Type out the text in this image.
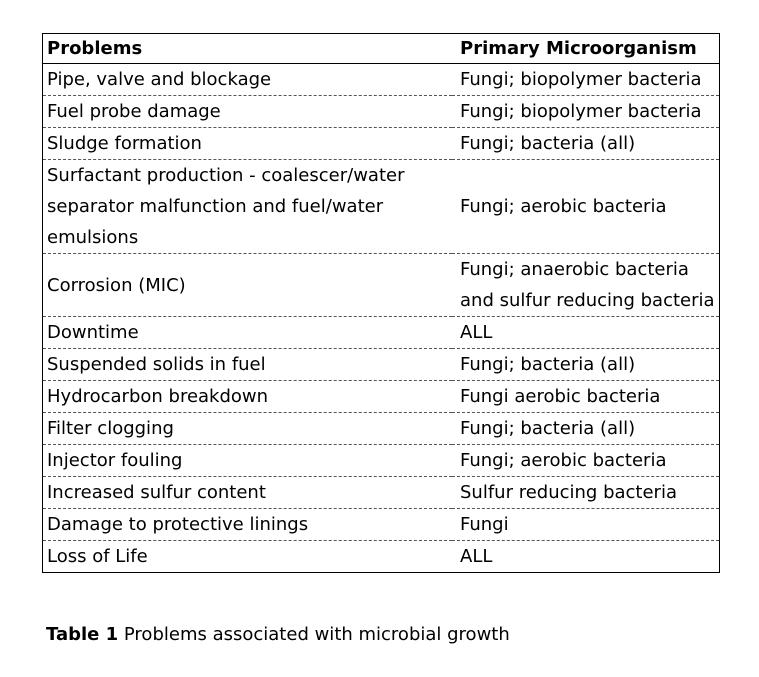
Problems	Primary Microorganism
Pipe, valve and blockage	Fungi; biopolymer bacteria
Fuel probe damage	Fungi; biopolymer bacteria
Sludge formation	Fungi; bacteria (all)
Surfactant production - coalescer/water separator malfunction and fuel/water emulsions	Fungi; aerobic bacteria
Corrosion (MIC)	Fungi; anaerobic bacteria and sulfur reducing bacteria
Downtime	ALL
Suspended solids in fuel	Fungi; bacteria (all)
Hydrocarbon breakdown	Fungi aerobic bacteria
Filter clogging	Fungi; bacteria (all)
Injector fouling	Fungi; aerobic bacteria
Increased sulfur content	Sulfur reducing bacteria
Damage to protective linings	Fungi
Loss of Life	ALL
Table 1 Problems associated with microbial growth
